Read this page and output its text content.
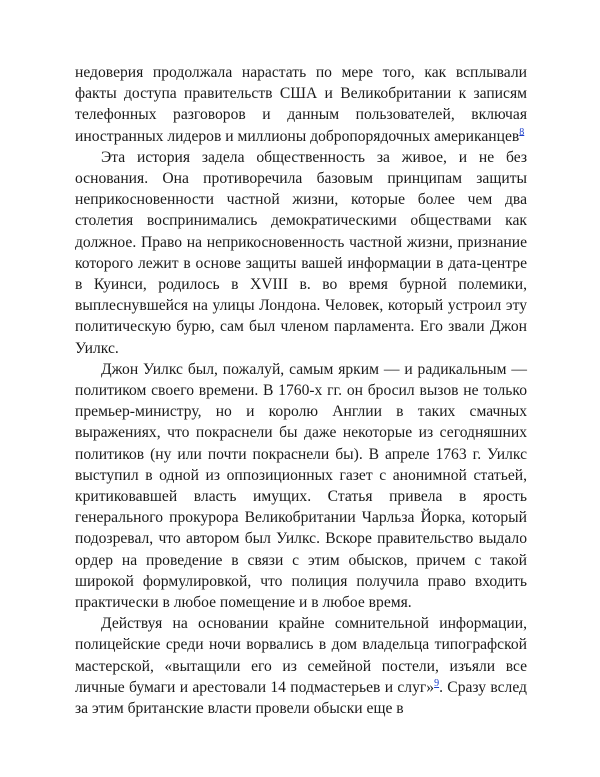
недоверия продолжала нарастать по мере того, как всплывали факты доступа правительств США и Великобритании к записям телефонных разговоров и данным пользователей, включая иностранных лидеров и миллионы добропорядочных американцев$^8$

Эта история задела общественность за живое, и не без основания. Она противоречила базовым принципам защиты неприкосновенности частной жизни, которые более чем два столетия воспринимались демократическими обществами как должное. Право на неприкосновенность частной жизни, признание которого лежит в основе защиты вашей информации в дата-центре в Куинси, родилось в XVIII в. во время бурной полемики, выплеснувшейся на улицы Лондона. Человек, который устроил эту политическую бурю, сам был членом парламента. Его звали Джон Уилкс.

Джон Уилкс был, пожалуй, самым ярким — и радикальным — политиком своего времени. В 1760-х гг. он бросил вызов не только премьер-министру, но и королю Англии в таких смачных выражениях, что покраснели бы даже некоторые из сегодняшних политиков (ну или почти покраснели бы). В апреле 1763 г. Уилкс выступил в одной из оппозиционных газет с анонимной статьей, критиковавшей власть имущих. Статья привела в ярость генерального прокурора Великобритании Чарльза Йорка, который подозревал, что автором был Уилкс. Вскоре правительство выдало ордер на проведение в связи с этим обысков, причем с такой широкой формулировкой, что полиция получила право входить практически в любое помещение и в любое время.

Действуя на основании крайне сомнительной информации, полицейские среди ночи ворвались в дом владельца типографской мастерской, «вытащили его из семейной постели, изъяли все личные бумаги и арестовали 14 подмастерьев и слуг»$^9$. Сразу вслед за этим британские власти провели обыски еще в
